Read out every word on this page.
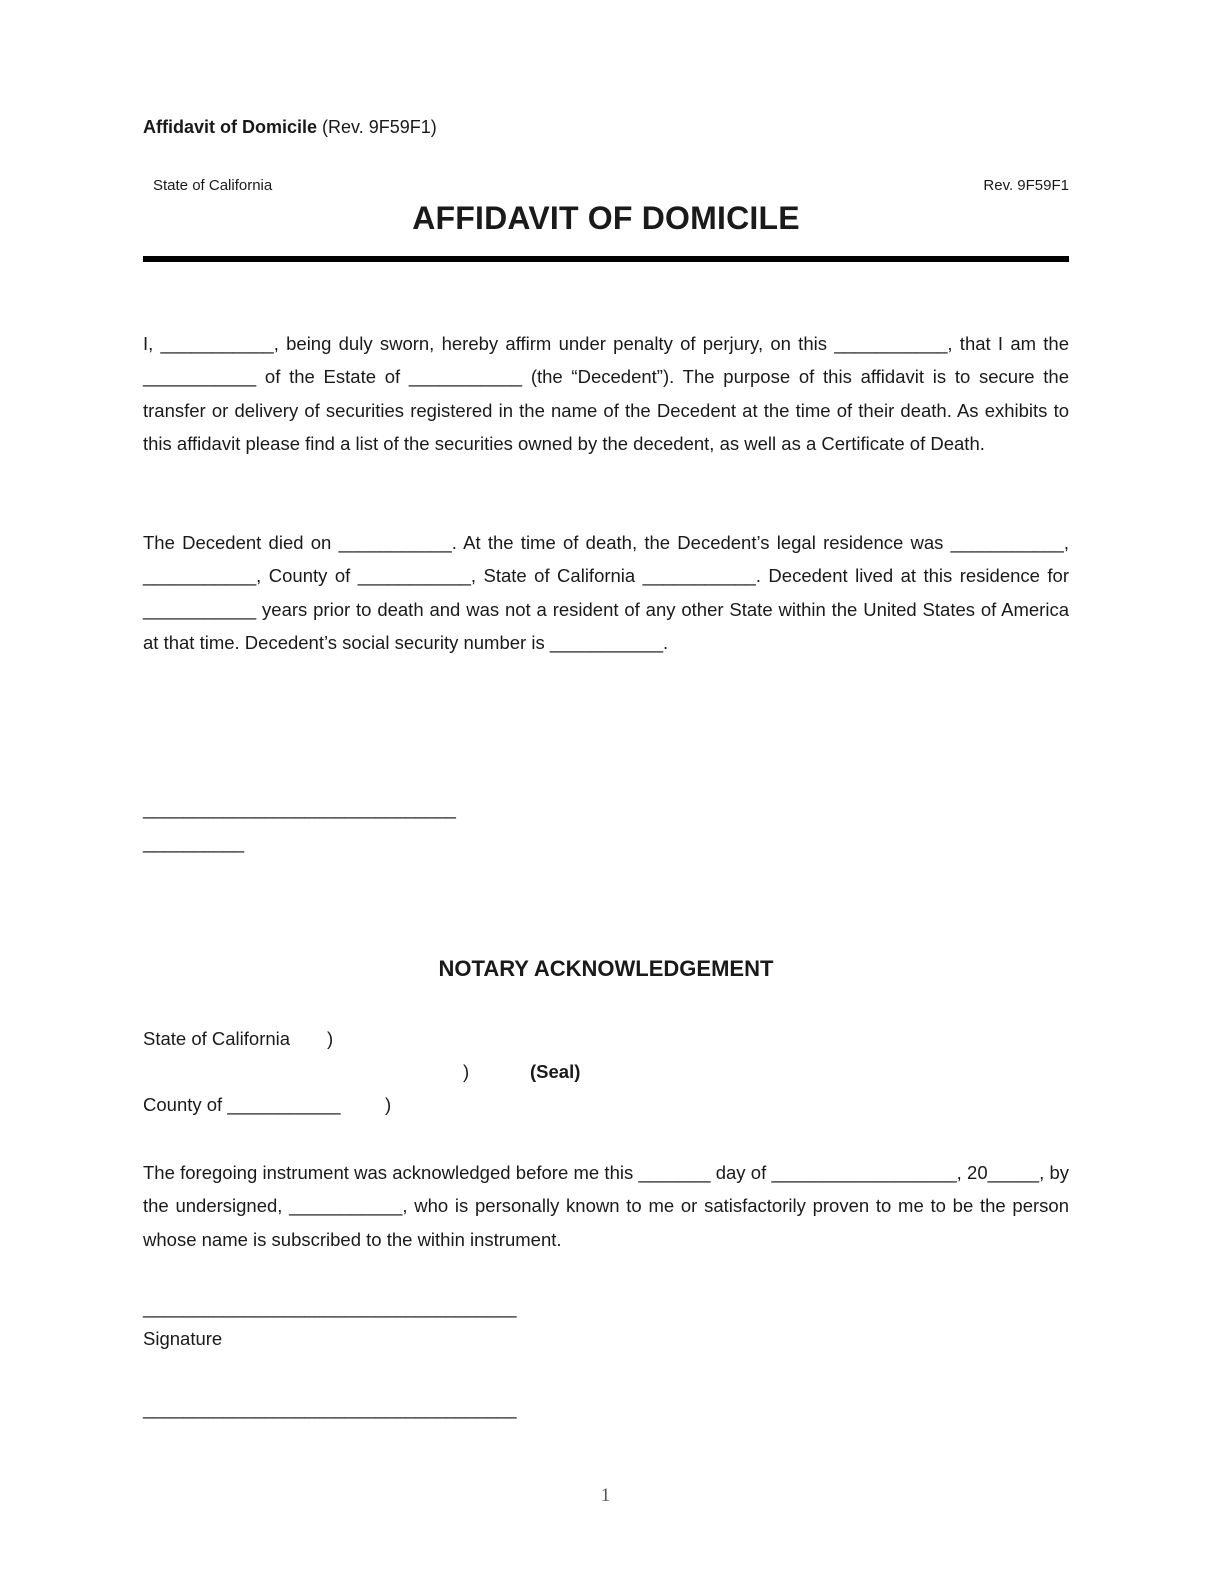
Affidavit of Domicile (Rev. 9F59F1)
State of California	Rev. 9F59F1
AFFIDAVIT OF DOMICILE
I, ___________, being duly sworn, hereby affirm under penalty of perjury, on this ___________, that I am the ___________ of the Estate of ___________ (the “Decedent”). The purpose of this affidavit is to secure the transfer or delivery of securities registered in the name of the Decedent at the time of their death. As exhibits to this affidavit please find a list of the securities owned by the decedent, as well as a Certificate of Death.
The Decedent died on ___________. At the time of death, the Decedent’s legal residence was ___________, ___________, County of ___________, State of California ___________. Decedent lived at this residence for ___________ years prior to death and was not a resident of any other State within the United States of America at that time. Decedent’s social security number is ___________.
_______________________________
__________
NOTARY ACKNOWLEDGEMENT
State of California )
)	(Seal)
County of ___________ )
The foregoing instrument was acknowledged before me this _______ day of __________________, 20_____, by the undersigned, ___________, who is personally known to me or satisfactorily proven to me to be the person whose name is subscribed to the within instrument.
_____________________________________
Signature
_____________________________________
1
